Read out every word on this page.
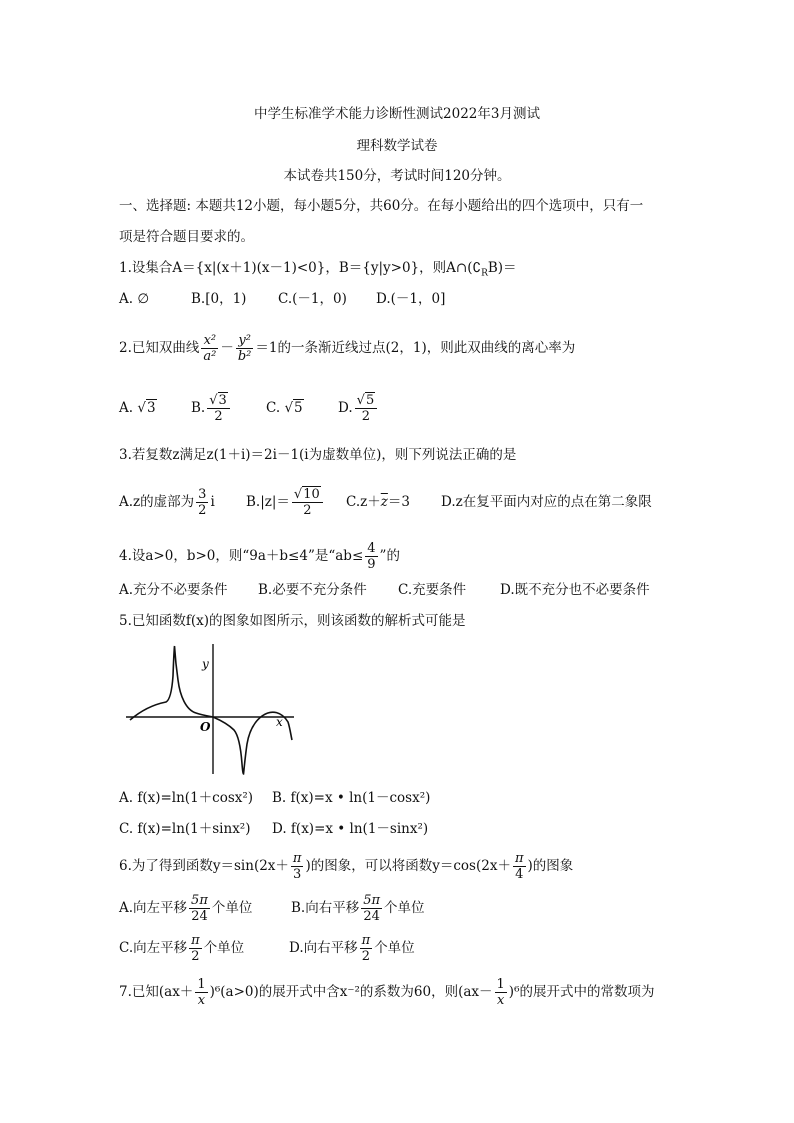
中学生标准学术能力诊断性测试2022年3月测试
理科数学试卷
本试卷共150分，考试时间120分钟。
一、选择题: 本题共12小题，每小题5分，共60分。在每小题给出的四个选项中，只有一
项是符合题目要求的。
1.设集合A＝{x|(x＋1)(x－1)<0}，B＝{y|y>0}，则$A\cap(∁_RB)=$
A. ∅	B.[0，1) C.(－1，0) D.(－1，0]
2.已知双曲线 $\frac{\text{x²}}{\text{a²}} - \frac{\text{y²}}{\text{b²}} =1$的一条渐近线过点(2，1)，则此双曲线的离心率为
A. √3	B. $\frac{√3}{2}$	C. √5	D. $\frac{√5}{2}$
3.若复数z满足z(1＋i)＝2i－1(i为虚数单位)，则下列说法正确的是
A.z的虚部为 $\frac{3}{2}$ i $B.|z|= \frac{√10}{2} C.z+\overline{z}=3$ D.z在复平面内对应的点在第二象限
4.设a>0，b>0，则“9a＋b≤4”是“$ab\le \frac{4}{9}$ ”的
A.充分不必要条件 B.必要不充分条件 C.充要条件	D.既不充分也不必要条件
5.已知函数f(x)的图象如图所示，则该函数的解析式可能是
y
x
O
A. f(x)=ln(1＋cosx²) B. f(x)=x • ln(1－cosx²)
C. f(x)=ln(1＋sinx²) D. f(x)=x • ln(1－sinx²)
6.为了得到函数$y=\sin(2x+ \frac{\pi}{3}$ )的图象，可以将函数$y=\cos(2x+ \frac{\pi}{4}$ )的图象
A.向左平移 $\frac{5\pi}{24}$ 个单位	B.向右平移 $\frac{5\pi}{24}$ 个单位
C.向左平移 $\frac{\pi}{2}$ 个单位	D.向右平移 $\frac{\pi}{2}$ 个单位
7.已知$(ax+ \frac{1}{x} )^6(a>0)$的展开式中含x⁻²的系数为60，则$(ax- \frac{1}{x} )^6$的展开式中的常数项为
